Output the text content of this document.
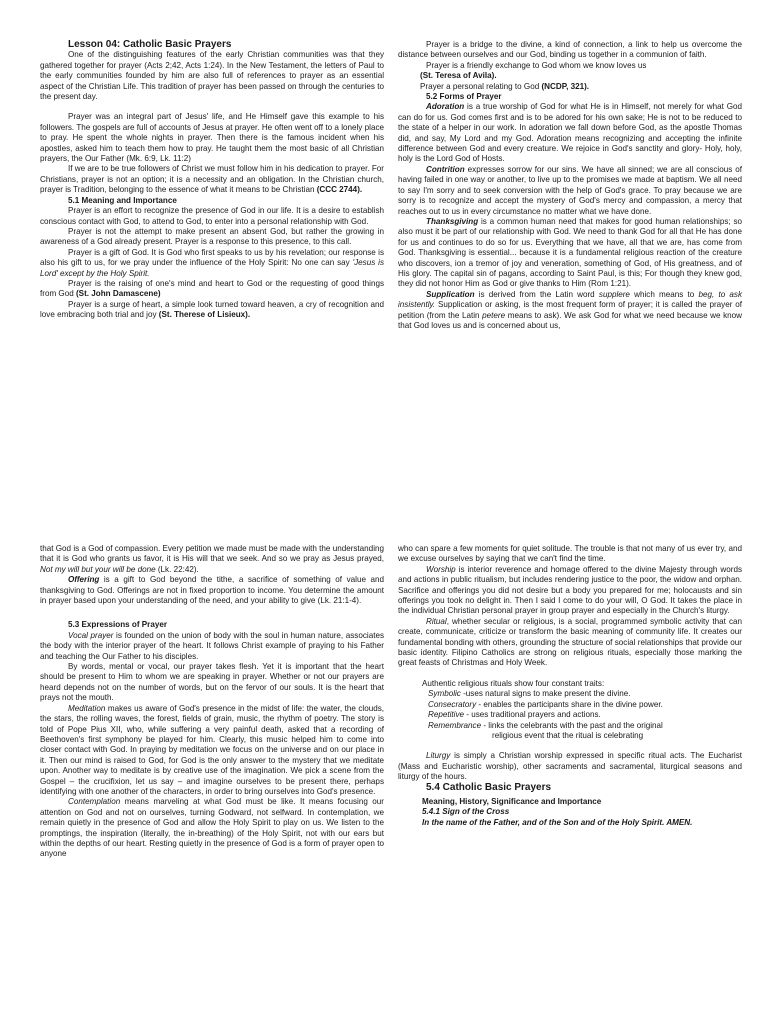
Lesson 04: Catholic Basic Prayers

One of the distinguishing features of the early Christian communities was that they gathered together for prayer (Acts 2;42, Acts 1:24). In the New Testament, the letters of Paul to the early communities founded by him are also full of references to prayer as an essential aspect of the Christian Life. This tradition of prayer has been passed on through the centuries to the present day.

Prayer was an integral part of Jesus' life, and He Himself gave this example to his followers. The gospels are full of accounts of Jesus at prayer. He often went off to a lonely place to pray. He spent the whole nights in prayer. Then there is the famous incident when his apostles, asked him to teach them how to pray. He taught them the most basic of all Christian prayers, the Our Father (Mk. 6:9, Lk. 11:2)

If we are to be true followers of Christ we must follow him in his dedication to prayer. For Christians, prayer is not an option; it is a necessity and an obligation. In the Christian church, prayer is Tradition, belonging to the essence of what it means to be Christian (CCC 2744).

5.1 Meaning and Importance

Prayer is an effort to recognize the presence of God in our life. It is a desire to establish conscious contact with God, to attend to God, to enter into a personal relationship with God.

Prayer is not the attempt to make present an absent God, but rather the growing in awareness of a God already present. Prayer is a response to this presence, to this call.

Prayer is a gift of God. It is God who first speaks to us by his revelation; our response is also his gift to us, for we pray under the influence of the Holy Spirit: No one can say 'Jesus is Lord' except by the Holy Spirit.

Prayer is the raising of one's mind and heart to God or the requesting of good things from God (St. John Damascene)

Prayer is a surge of heart, a simple look turned toward heaven, a cry of recognition and love embracing both trial and joy (St. Therese of Lisieux).

Prayer is a bridge to the divine, a kind of connection, a link to help us overcome the distance between ourselves and our God, binding us together in a communion of faith.

Prayer is a friendly exchange to God whom we know loves us

(St. Teresa of Avila).

Prayer a personal relating to God (NCDP, 321).

5.2 Forms of Prayer

Adoration is a true worship of God for what He is in Himself, not merely for what God can do for us. God comes first and is to be adored for his own sake; He is not to be reduced to the state of a helper in our work. In adoration we fall down before God, as the apostle Thomas did, and say, My Lord and my God. Adoration means recognizing and accepting the infinite difference between God and every creature. We rejoice in God's sanctity and glory- Holy, holy, holy is the Lord God of Hosts.

Contrition expresses sorrow for our sins. We have all sinned; we are all conscious of having failed in one way or another, to live up to the promises we made at baptism. We all need to say I'm sorry and to seek conversion with the help of God's grace. To pray because we are sorry is to recognize and accept the mystery of God's mercy and compassion, a mercy that reaches out to us in every circumstance no matter what we have done.

Thanksgiving is a common human need that makes for good human relationships; so also must it be part of our relationship with God. We need to thank God for all that He has done for us and continues to do so for us. Everything that we have, all that we are, has come from God. Thanksgiving is essential... because it is a fundamental religious reaction of the creature who discovers, ion a tremor of joy and veneration, something of God, of His greatness, and of His glory. The capital sin of pagans, according to Saint Paul, is this; For though they knew god, they did not honor Him as God or give thanks to Him (Rom 1:21).

Supplication is derived from the Latin word supplere which means to beg, to ask insistently. Supplication or asking, is the most frequent form of prayer; it is called the prayer of petition (from the Latin petere means to ask). We ask God for what we need because we know that God loves us and is concerned about us,

that God is a God of compassion. Every petition we made must be made with the understanding that it is God who grants us favor, it is His will that we seek. And so we pray as Jesus prayed, Not my will but your will be done (Lk. 22:42).

Offering is a gift to God beyond the tithe, a sacrifice of something of value and thanksgiving to God. Offerings are not in fixed proportion to income. You determine the amount in prayer based upon your understanding of the need, and your ability to give (Lk. 21:1-4).

5.3 Expressions of Prayer

Vocal prayer is founded on the union of body with the soul in human nature, associates the body with the interior prayer of the heart. It follows Christ example of praying to his Father and teaching the Our Father to his disciples.

By words, mental or vocal, our prayer takes flesh. Yet it is important that the heart should be present to Him to whom we are speaking in prayer. Whether or not our prayers are heard depends not on the number of words, but on the fervor of our souls. It is the heart that prays not the mouth.

Meditation makes us aware of God's presence in the midst of life: the water, the clouds, the stars, the rolling waves, the forest, fields of grain, music, the rhythm of poetry. The story is told of Pope Pius XII, who, while suffering a very painful death, asked that a recording of Beethoven's first symphony be played for him. Clearly, this music helped him to come into closer contact with God. In praying by meditation we focus on the universe and on our place in it. Then our mind is raised to God, for God is the only answer to the mystery that we meditate upon. Another way to meditate is by creative use of the imagination. We pick a scene from the Gospel – the crucifixion, let us say – and imagine ourselves to be present there, perhaps identifying with one another of the characters, in order to bring ourselves into God's presence.

Contemplation means marveling at what God must be like. It means focusing our attention on God and not on ourselves, turning Godward, not selfward. In contemplation, we remain quietly in the presence of God and allow the Holy Spirit to play on us. We listen to the promptings, the inspiration (literally, the in-breathing) of the Holy Spirit, not with our ears but within the depths of our heart. Resting quietly in the presence of God is a form of prayer open to anyone

who can spare a few moments for quiet solitude. The trouble is that not many of us ever try, and we excuse ourselves by saying that we can't find the time.

Worship is interior reverence and homage offered to the divine Majesty through words and actions in public ritualism, but includes rendering justice to the poor, the widow and orphan. Sacrifice and offerings you did not desire but a body you prepared for me; holocausts and sin offerings you took no delight in. Then I said I come to do your will, O God. It takes the place in the individual Christian personal prayer in group prayer and especially in the Church's liturgy.

Ritual, whether secular or religious, is a social, programmed symbolic activity that can create, communicate, criticize or transform the basic meaning of community life. It creates our fundamental bonding with others, grounding the structure of social relationships that provide our basic identity. Filipino Catholics are strong on religious rituals, especially those marking the great feasts of Christmas and Holy Week.

Authentic religious rituals show four constant traits:

Symbolic -uses natural signs to make present the divine.

Consecratory - enables the participants share in the divine power.

Repetitive - uses traditional prayers and actions.

Remembrance - links the celebrants with the past and the original

religious event that the ritual is celebrating

Liturgy is simply a Christian worship expressed in specific ritual acts. The Eucharist (Mass and Eucharistic worship), other sacraments and sacramental, liturgical seasons and liturgy of the hours.

5.4 Catholic Basic Prayers

Meaning, History, Significance and Importance

5.4.1 Sign of the Cross

In the name of the Father, and of the Son and of the Holy Spirit. AMEN.
